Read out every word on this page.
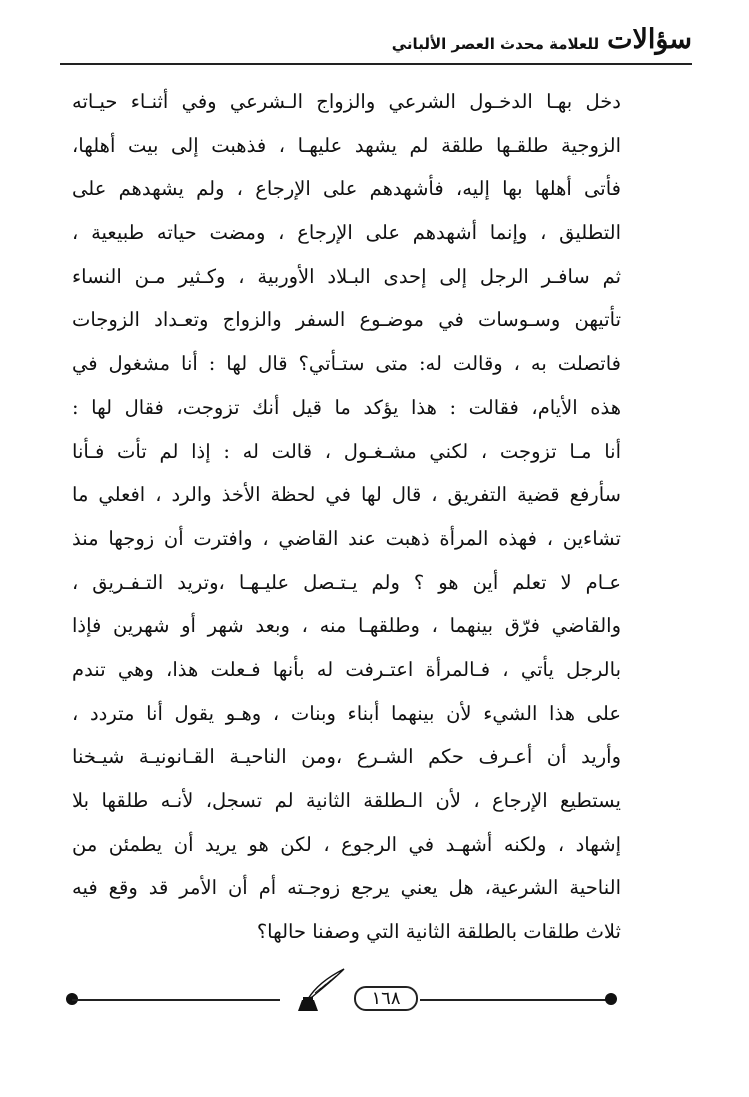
سؤالات
للعلامة محدث العصر الألباني
دخل بهـا الدخـول الشرعي والزواج الـشرعي وفي أثنـاء حيـاته
الزوجية طلقـها طلقة لم يشهد عليهـا ، فذهبت إلى بيت أهلها،
فأتى أهلها بها إليه، فأشهدهم على الإرجاع ، ولم يشهدهم على
التطليق ، وإنما أشهدهم على الإرجاع ، ومضت حياته طبيعية ،
ثم سافـر الرجل إلى إحدى البـلاد الأوربية ، وكـثير مـن النساء
تأتيهن وسـوسات في موضـوع السفر والزواج وتعـداد الزوجات
فاتصلت به ، وقالت له: متى ستـأتي؟ قال لها : أنا مشغول في
هذه الأيام، فقالت : هذا يؤكد ما قيل أنك تزوجت، فقال لها :
أنا مـا تزوجت ، لكني مشـغـول ، قالت له : إذا لم تأت فـأنا
سأرفع قضية التفريق ، قال لها في لحظة الأخذ والرد ، افعلي ما
تشاءين ، فهذه المرأة ذهبت عند القاضي ، وافترت أن زوجها منذ
عـام لا تعلم أين هو ؟ ولم يـتـصل عليـهـا ،وتريد التـفـريق ،
والقاضي فرّق بينهما ، وطلقهـا منه ، وبعد شهر أو شهرين فإذا
بالرجل يأتي ، فـالمرأة اعتـرفت له بأنها فـعلت هذا، وهي تندم
على هذا الشيء لأن بينهما أبناء وبنات ، وهـو يقول أنا متردد ،
وأريد أن أعـرف حكم الشـرع ،ومن الناحيـة القـانونيـة شيـخنا
يستطيع الإرجاع ، لأن الـطلقة الثانية لم تسجل، لأنـه طلقها بلا
إشهاد ، ولكنه أشهـد في الرجوع ، لكن هو يريد أن يطمئن من
الناحية الشرعية، هل يعني يرجع زوجـته أم أن الأمر قد وقع فيه
ثلاث طلقات بالطلقة الثانية التي وصفنا حالها؟
١٦٨
